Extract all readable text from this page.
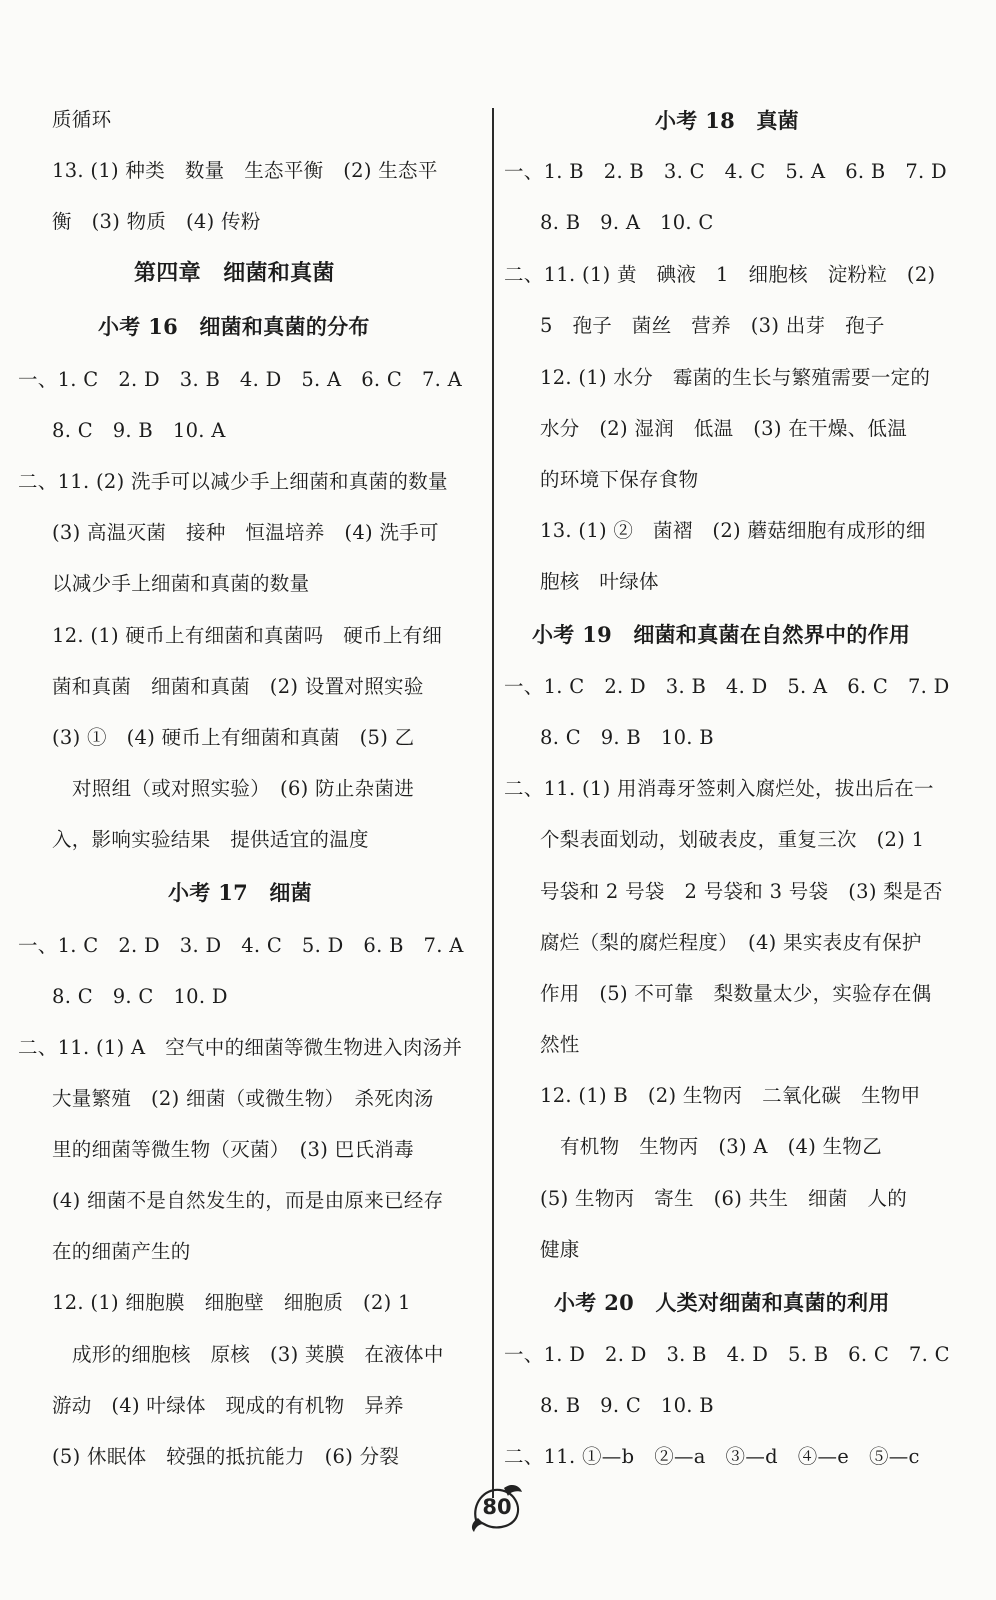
质循环
13. (1) 种类　数量　生态平衡　(2) 生态平
衡　(3) 物质　(4) 传粉
第四章　细菌和真菌
小考 16　细菌和真菌的分布
一、1. C　2. D　3. B　4. D　5. A　6. C　7. A
8. C　9. B　10. A
二、11. (2) 洗手可以减少手上细菌和真菌的数量
(3) 高温灭菌　接种　恒温培养　(4) 洗手可
以减少手上细菌和真菌的数量
12. (1) 硬币上有细菌和真菌吗　硬币上有细
菌和真菌　细菌和真菌　(2) 设置对照实验
(3) ①　(4) 硬币上有细菌和真菌　(5) 乙
对照组（或对照实验）　(6) 防止杂菌进
入，影响实验结果　提供适宜的温度
小考 17　细菌
一、1. C　2. D　3. D　4. C　5. D　6. B　7. A
8. C　9. C　10. D
二、11. (1) A　空气中的细菌等微生物进入肉汤并
大量繁殖　(2) 细菌（或微生物）　杀死肉汤
里的细菌等微生物（灭菌）　(3) 巴氏消毒
(4) 细菌不是自然发生的，而是由原来已经存
在的细菌产生的
12. (1) 细胞膜　细胞壁　细胞质　(2) 1
成形的细胞核　原核　(3) 荚膜　在液体中
游动　(4) 叶绿体　现成的有机物　异养
(5) 休眠体　较强的抵抗能力　(6) 分裂
小考 18　真菌
一、1. B　2. B　3. C　4. C　5. A　6. B　7. D
8. B　9. A　10. C
二、11. (1) 黄　碘液　1　细胞核　淀粉粒　(2)
5　孢子　菌丝　营养　(3) 出芽　孢子
12. (1) 水分　霉菌的生长与繁殖需要一定的
水分　(2) 湿润　低温　(3) 在干燥、低温
的环境下保存食物
13. (1) ②　菌褶　(2) 蘑菇细胞有成形的细
胞核　叶绿体
小考 19　细菌和真菌在自然界中的作用
一、1. C　2. D　3. B　4. D　5. A　6. C　7. D
8. C　9. B　10. B
二、11. (1) 用消毒牙签刺入腐烂处，拔出后在一
个梨表面划动，划破表皮，重复三次　(2) 1
号袋和 2 号袋　2 号袋和 3 号袋　(3) 梨是否
腐烂（梨的腐烂程度）　(4) 果实表皮有保护
作用　(5) 不可靠　梨数量太少，实验存在偶
然性
12. (1) B　(2) 生物丙　二氧化碳　生物甲
有机物　生物丙　(3) A　(4) 生物乙
(5) 生物丙　寄生　(6) 共生　细菌　人的
健康
小考 20　人类对细菌和真菌的利用
一、1. D　2. D　3. B　4. D　5. B　6. C　7. C
8. B　9. C　10. B
二、11. ①—b　②—a　③—d　④—e　⑤—c
80
